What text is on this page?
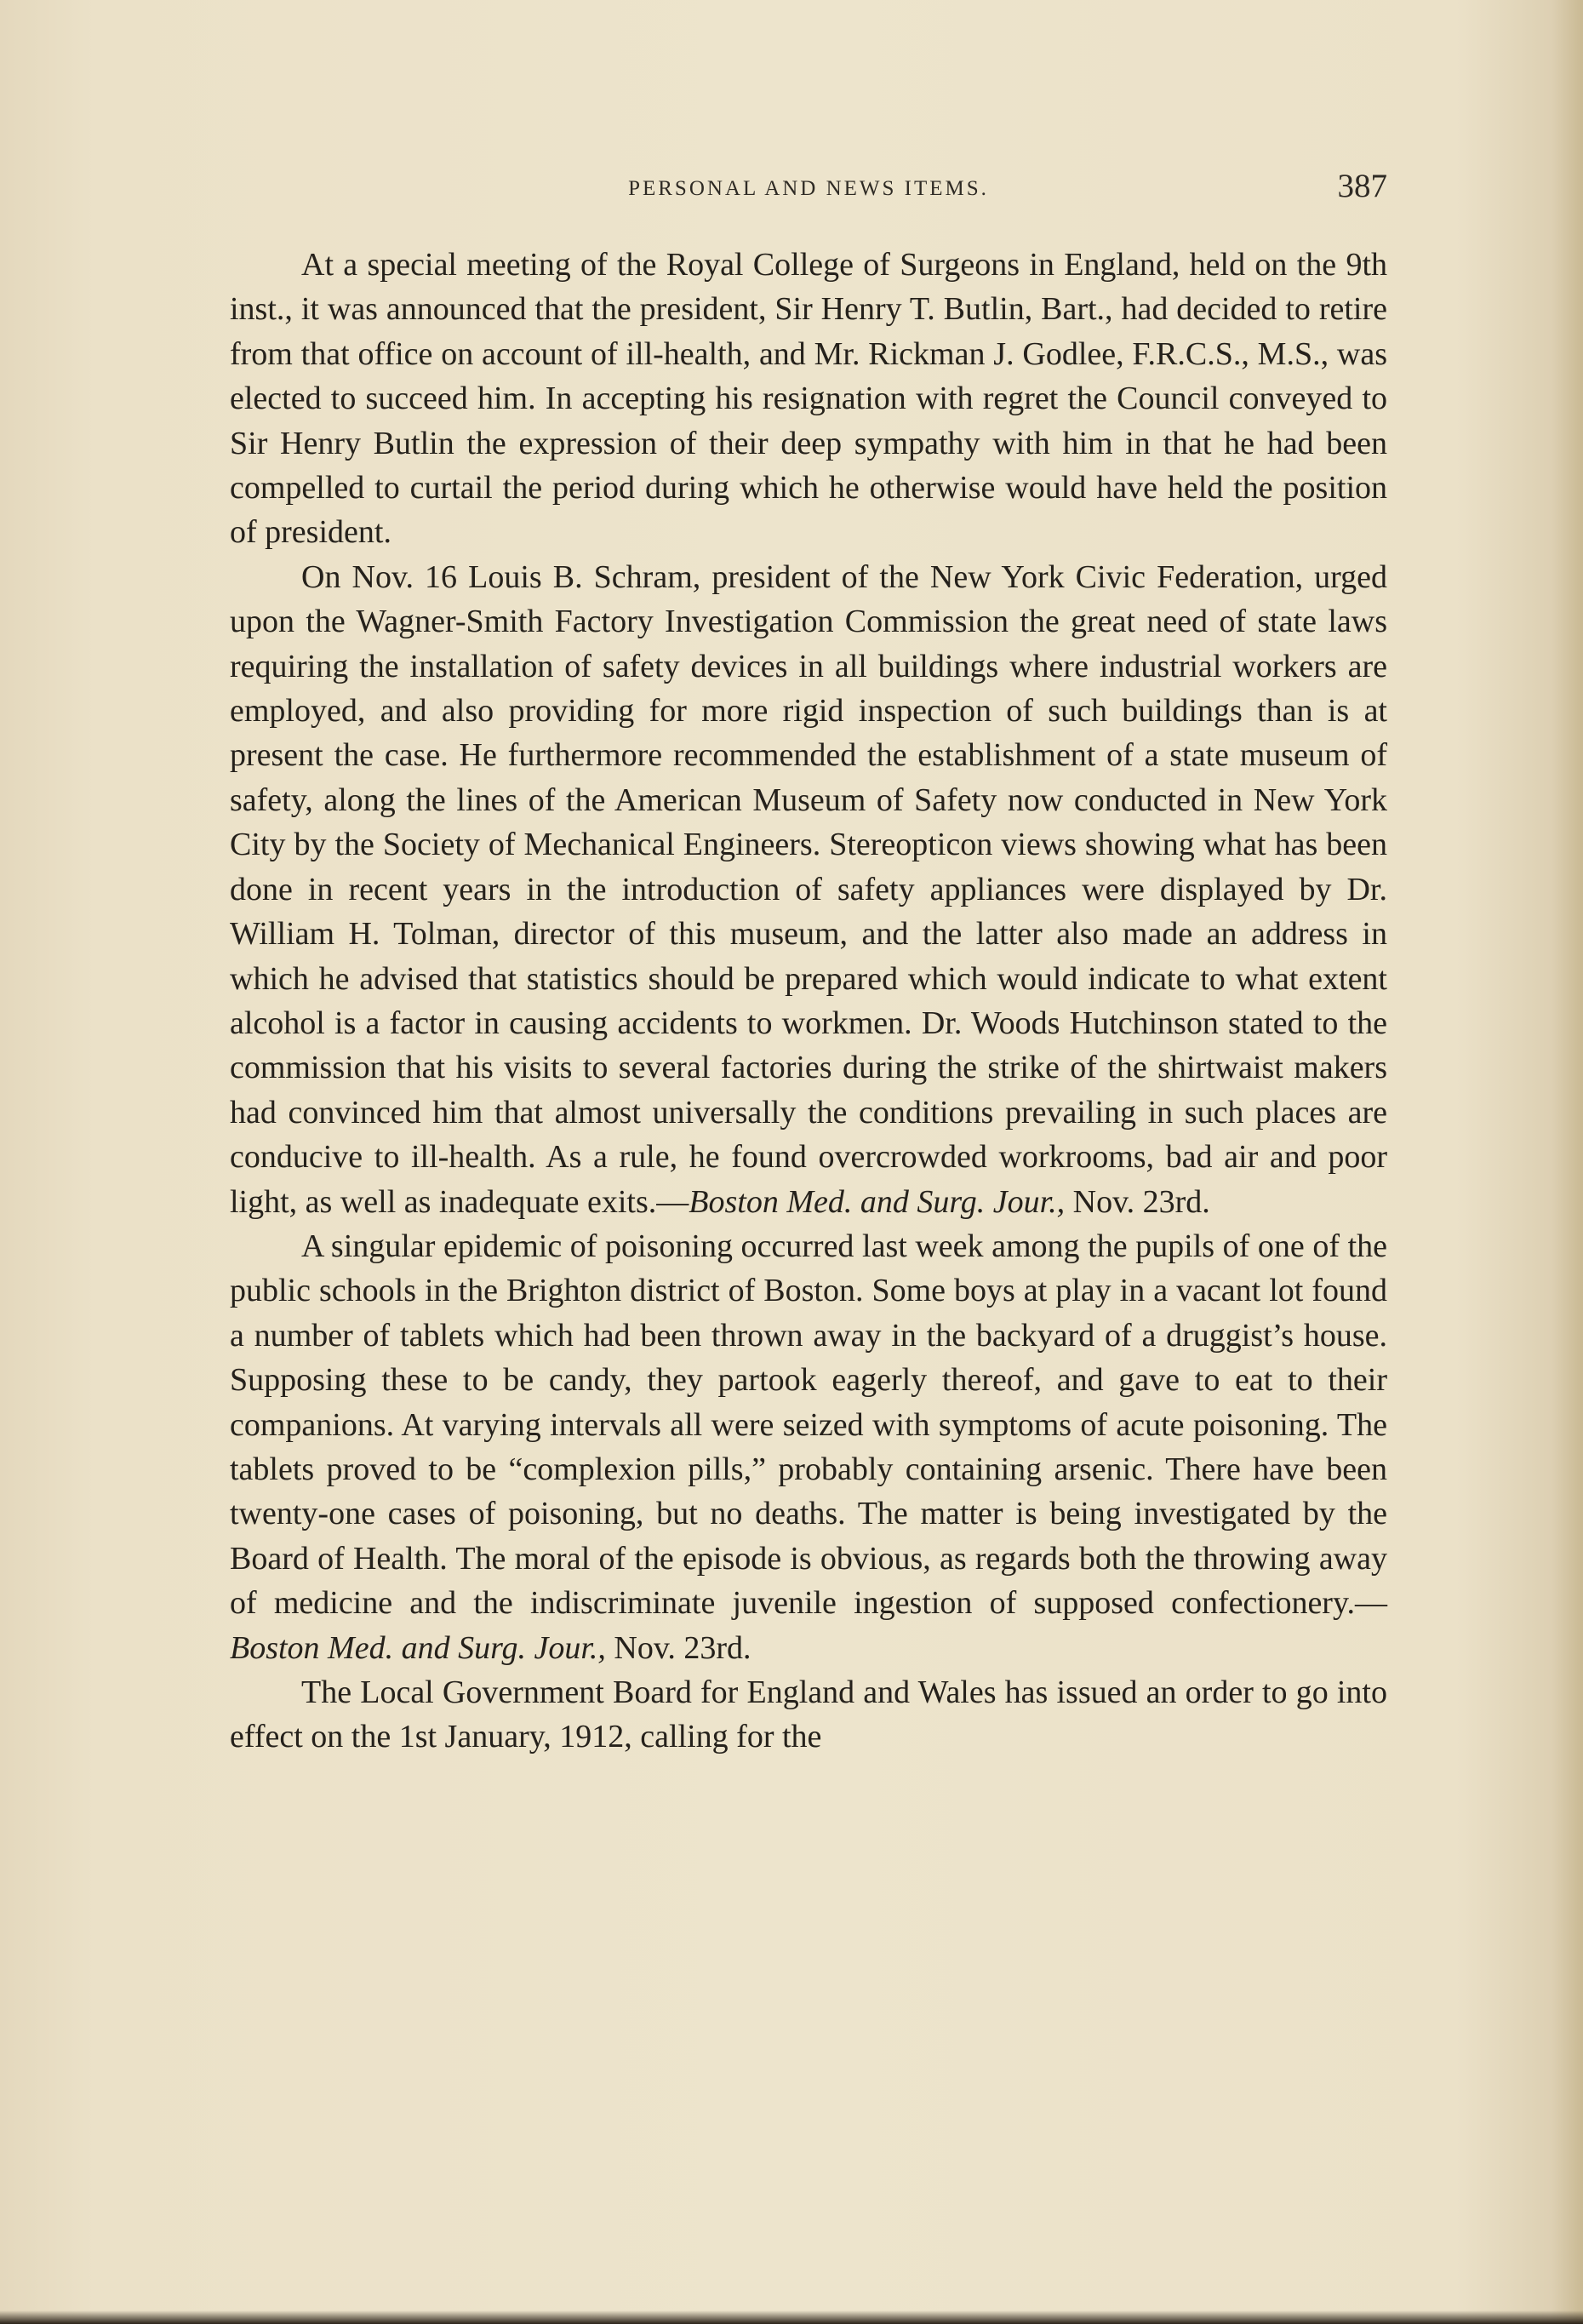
PERSONAL AND NEWS ITEMS.	387

At a special meeting of the Royal College of Surgeons in England, held on the 9th inst., it was announced that the president, Sir Henry T. Butlin, Bart., had decided to retire from that office on account of ill-health, and Mr. Rickman J. Godlee, F.R.C.S., M.S., was elected to succeed him. In accepting his resignation with regret the Council conveyed to Sir Henry Butlin the expression of their deep sympathy with him in that he had been compelled to curtail the period during which he otherwise would have held the position of president.

On Nov. 16 Louis B. Schram, president of the New York Civic Federation, urged upon the Wagner-Smith Factory Investigation Commission the great need of state laws requiring the installation of safety devices in all buildings where industrial workers are employed, and also providing for more rigid inspection of such buildings than is at present the case. He furthermore recommended the establishment of a state museum of safety, along the lines of the American Museum of Safety now conducted in New York City by the Society of Mechanical Engineers. Stereopticon views showing what has been done in recent years in the introduction of safety appliances were displayed by Dr. William H. Tolman, director of this museum, and the latter also made an address in which he advised that statistics should be prepared which would indicate to what extent alcohol is a factor in causing accidents to workmen. Dr. Woods Hutchinson stated to the commission that his visits to several factories during the strike of the shirtwaist makers had convinced him that almost universally the conditions prevailing in such places are conducive to ill-health. As a rule, he found overcrowded workrooms, bad air and poor light, as well as inadequate exits.—Boston Med. and Surg. Jour., Nov. 23rd.

A singular epidemic of poisoning occurred last week among the pupils of one of the public schools in the Brighton district of Boston. Some boys at play in a vacant lot found a number of tablets which had been thrown away in the backyard of a druggist’s house. Supposing these to be candy, they partook eagerly thereof, and gave to eat to their companions. At varying intervals all were seized with symptoms of acute poisoning. The tablets proved to be “complexion pills,” probably containing arsenic. There have been twenty-one cases of poisoning, but no deaths. The matter is being investigated by the Board of Health. The moral of the episode is obvious, as regards both the throwing away of medicine and the indiscriminate juvenile ingestion of supposed confectionery.—Boston Med. and Surg. Jour., Nov. 23rd.

The Local Government Board for England and Wales has issued an order to go into effect on the 1st January, 1912, calling for the
